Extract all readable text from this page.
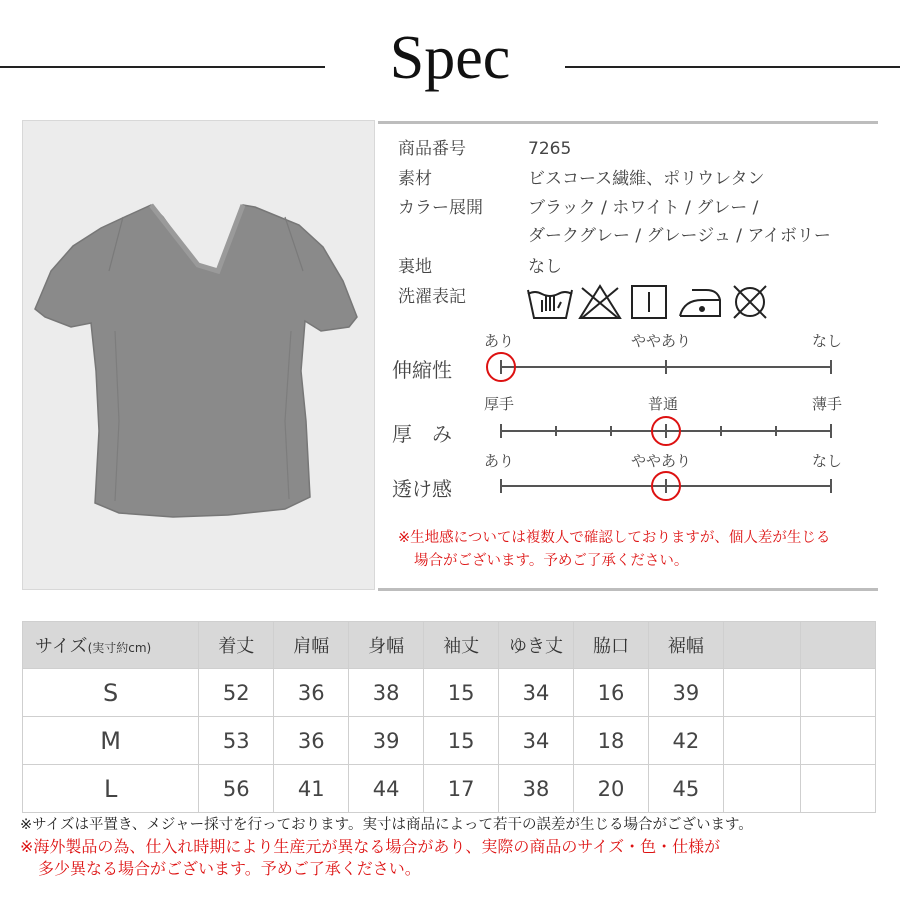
Spec
商品番号	7265
素材	ビスコース繊維、ポリウレタン
カラー展開	ブラック / ホワイト / グレー /
ダークグレー / グレージュ / アイボリー
裏地	なし
洗濯表記
あり	ややあり	なし
伸縮性
厚手	普通	薄手
厚　み
あり	ややあり	なし
透け感
※生地感については複数人で確認しておりますが、個人差が生じる
場合がございます。予めご了承ください。
サイズ(実寸約cm)	着丈	肩幅	身幅	袖丈	ゆき丈	脇口	裾幅		
S	52	36	38	15	34	16	39		
M	53	36	39	15	34	18	42		
L	56	41	44	17	38	20	45		
※サイズは平置き、メジャー採寸を行っております。実寸は商品によって若干の誤差が生じる場合がございます。
※海外製品の為、仕入れ時期により生産元が異なる場合があり、実際の商品のサイズ・色・仕様が
多少異なる場合がございます。予めご了承ください。
